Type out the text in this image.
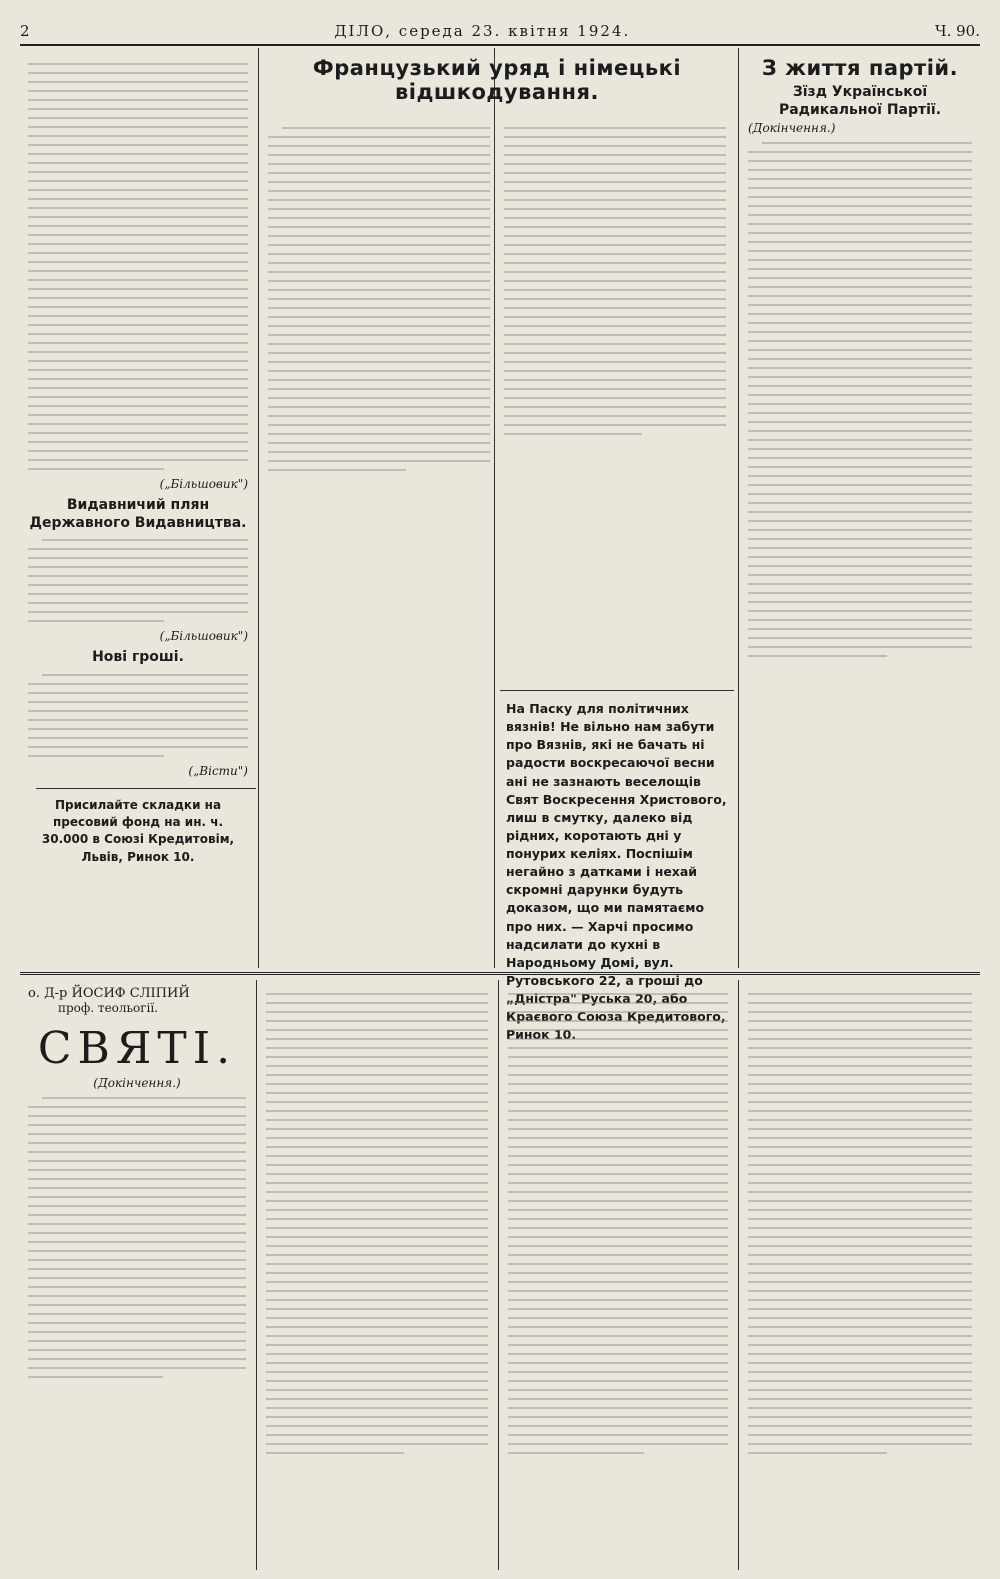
2	ДІЛО, середа 23. квітня 1924.	Ч. 90.
(„Більшовик")
Видавничий плян Державного Видавництва.
(„Більшовик")
Нові гроші.
(„Вісти")
Присилайте складки на пресовий фонд на ин. ч. 30.000 в Союзі Кредитовім, Львів, Ринок 10.
Французький уряд і німецькі відшкодування.
На Паску для політичних вязнів! Не вільно нам забути про Вязнів, які не бачать ні радости воскресаючої весни ані не зазнають веселощів Свят Воскресення Христового, лиш в смутку, далеко від рідних, коротають дні у понурих келіях. Поспішім негайно з датками і нехай скромні дарунки будуть доказом, що ми памятаємо про них. — Харчі просимо надсилати до кухні в Народньому Домі, вул. Рутовського 22, а гроші до „Дністра" Руська 20, або Краєвого Союза Кредитового, Ринок 10.
З життя партій.
Зїзд Української Радикальної Партії.
(Докінчення.)
о. Д-р ЙОСИФ СЛІПИЙ
проф. теольогії.
СВЯТІ.
(Докінчення.)
